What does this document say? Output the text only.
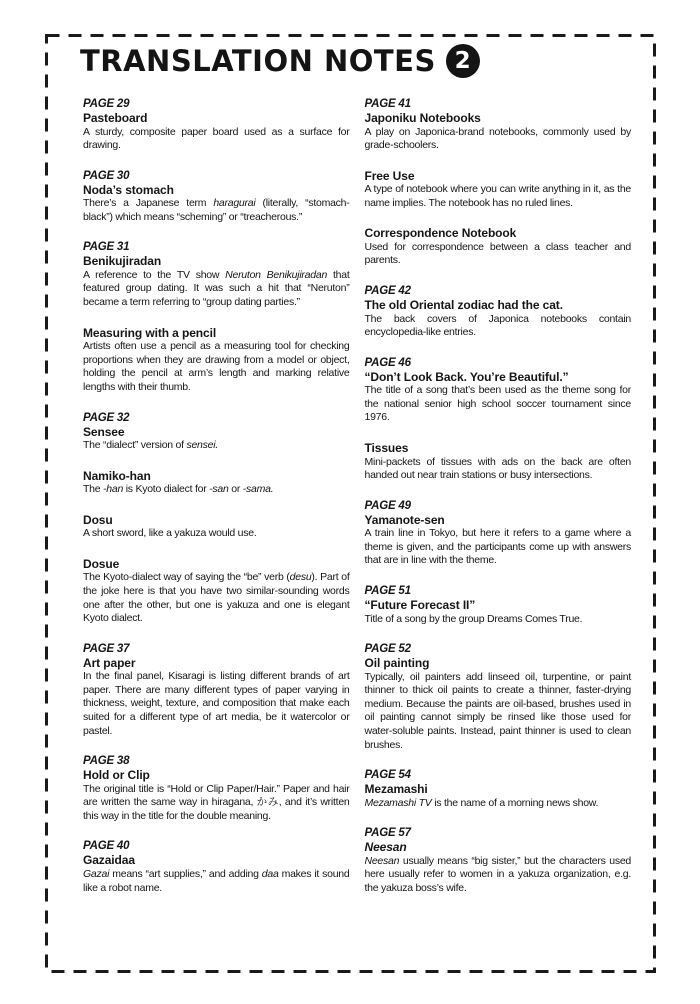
TRANSLATION NOTES 2
PAGE 29
Pasteboard
A sturdy, composite paper board used as a surface for drawing.
PAGE 30
Noda’s stomach
There’s a Japanese term haragurai (literally, “stomach-black”) which means “scheming” or “treacherous.”
PAGE 31
Benikujiradan
A reference to the TV show Neruton Benikujiradan that featured group dating. It was such a hit that “Neruton” became a term referring to “group dating parties.”
Measuring with a pencil
Artists often use a pencil as a measuring tool for checking proportions when they are drawing from a model or object, holding the pencil at arm’s length and marking relative lengths with their thumb.
PAGE 32
Sensee
The “dialect” version of sensei.
Namiko-han
The -han is Kyoto dialect for -san or -sama.
Dosu
A short sword, like a yakuza would use.
Dosue
The Kyoto-dialect way of saying the “be” verb (desu). Part of the joke here is that you have two similar-sounding words one after the other, but one is yakuza and one is elegant Kyoto dialect.
PAGE 37
Art paper
In the final panel, Kisaragi is listing different brands of art paper. There are many different types of paper varying in thickness, weight, texture, and composition that make each suited for a different type of art media, be it watercolor or pastel.
PAGE 38
Hold or Clip
The original title is “Hold or Clip Paper/Hair.” Paper and hair are written the same way in hiragana, かみ, and it’s written this way in the title for the double meaning.
PAGE 40
Gazaidaa
Gazai means “art supplies,” and adding daa makes it sound like a robot name.
PAGE 41
Japoniku Notebooks
A play on Japonica-brand notebooks, commonly used by grade-schoolers.
Free Use
A type of notebook where you can write anything in it, as the name implies. The notebook has no ruled lines.
Correspondence Notebook
Used for correspondence between a class teacher and parents.
PAGE 42
The old Oriental zodiac had the cat.
The back covers of Japonica notebooks contain encyclopedia-like entries.
PAGE 46
“Don’t Look Back. You’re Beautiful.”
The title of a song that’s been used as the theme song for the national senior high school soccer tournament since 1976.
Tissues
Mini-packets of tissues with ads on the back are often handed out near train stations or busy intersections.
PAGE 49
Yamanote-sen
A train line in Tokyo, but here it refers to a game where a theme is given, and the participants come up with answers that are in line with the theme.
PAGE 51
“Future Forecast II”
Title of a song by the group Dreams Comes True.
PAGE 52
Oil painting
Typically, oil painters add linseed oil, turpentine, or paint thinner to thick oil paints to create a thinner, faster-drying medium. Because the paints are oil-based, brushes used in oil painting cannot simply be rinsed like those used for water-soluble paints. Instead, paint thinner is used to clean brushes.
PAGE 54
Mezamashi
Mezamashi TV is the name of a morning news show.
PAGE 57
Neesan
Neesan usually means “big sister,” but the characters used here usually refer to women in a yakuza organization, e.g. the yakuza boss’s wife.
